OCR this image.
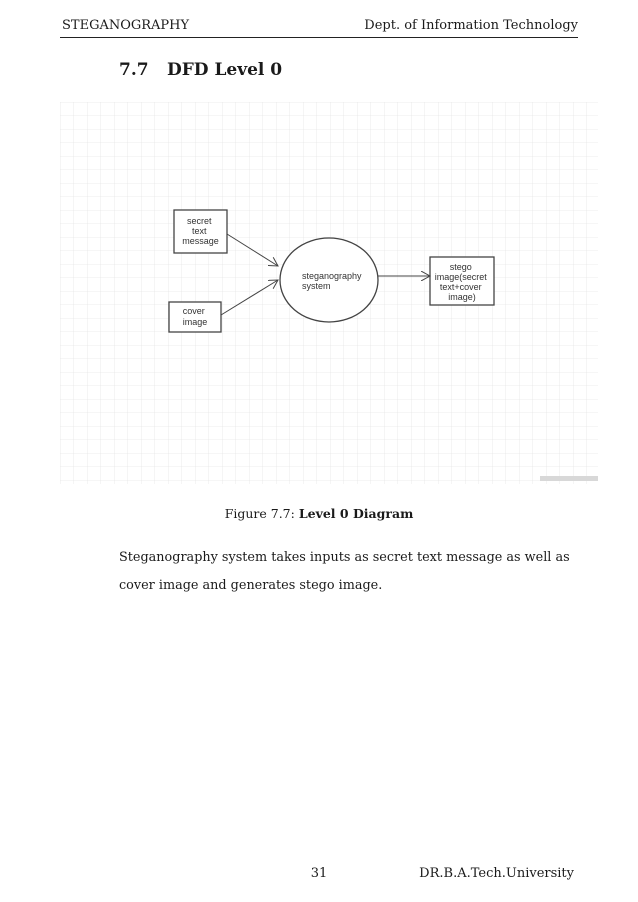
STEGANOGRAPHY	Dept. of Information Technology
7.7 DFD Level 0
secret text message
cover image
steganography system
stego image(secret text+cover image)
Figure 7.7: Level 0 Diagram
Steganography system takes inputs as secret text message as well as cover image and generates stego image.
31	DR.B.A.Tech.University
